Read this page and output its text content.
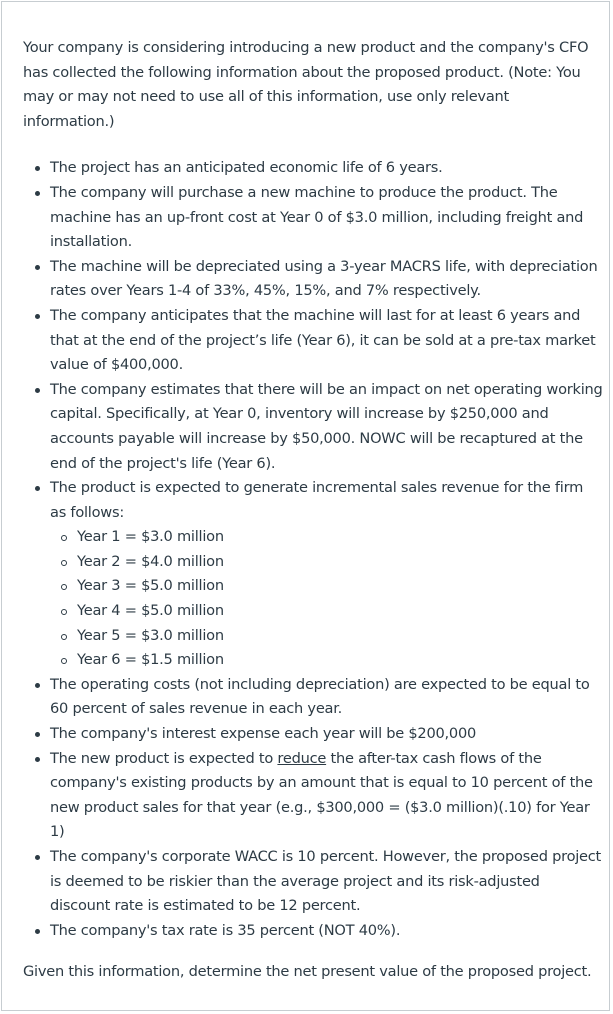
Your company is considering introducing a new product and the company's CFO has collected the following information about the proposed product. (Note: You may or may not need to use all of this information, use only relevant information.)

The project has an anticipated economic life of 6 years.
The company will purchase a new machine to produce the product. The machine has an up-front cost at Year 0 of $3.0 million, including freight and installation.
The machine will be depreciated using a 3-year MACRS life, with depreciation rates over Years 1-4 of 33%, 45%, 15%, and 7% respectively.
The company anticipates that the machine will last for at least 6 years and that at the end of the project’s life (Year 6), it can be sold at a pre-tax market value of $400,000.
The company estimates that there will be an impact on net operating working capital. Specifically, at Year 0, inventory will increase by $250,000 and accounts payable will increase by $50,000. NOWC will be recaptured at the end of the project's life (Year 6).
The product is expected to generate incremental sales revenue for the firm as follows:
Year 1 = $3.0 million
Year 2 = $4.0 million
Year 3 = $5.0 million
Year 4 = $5.0 million
Year 5 = $3.0 million
Year 6 = $1.5 million
The operating costs (not including depreciation) are expected to be equal to 60 percent of sales revenue in each year.
The company's interest expense each year will be $200,000
The new product is expected to reduce the after-tax cash flows of the company's existing products by an amount that is equal to 10 percent of the new product sales for that year (e.g., $300,000 = ($3.0 million)(.10) for Year 1)
The company's corporate WACC is 10 percent. However, the proposed project is deemed to be riskier than the average project and its risk-adjusted discount rate is estimated to be 12 percent.
The company's tax rate is 35 percent (NOT 40%).

Given this information, determine the net present value of the proposed project.
